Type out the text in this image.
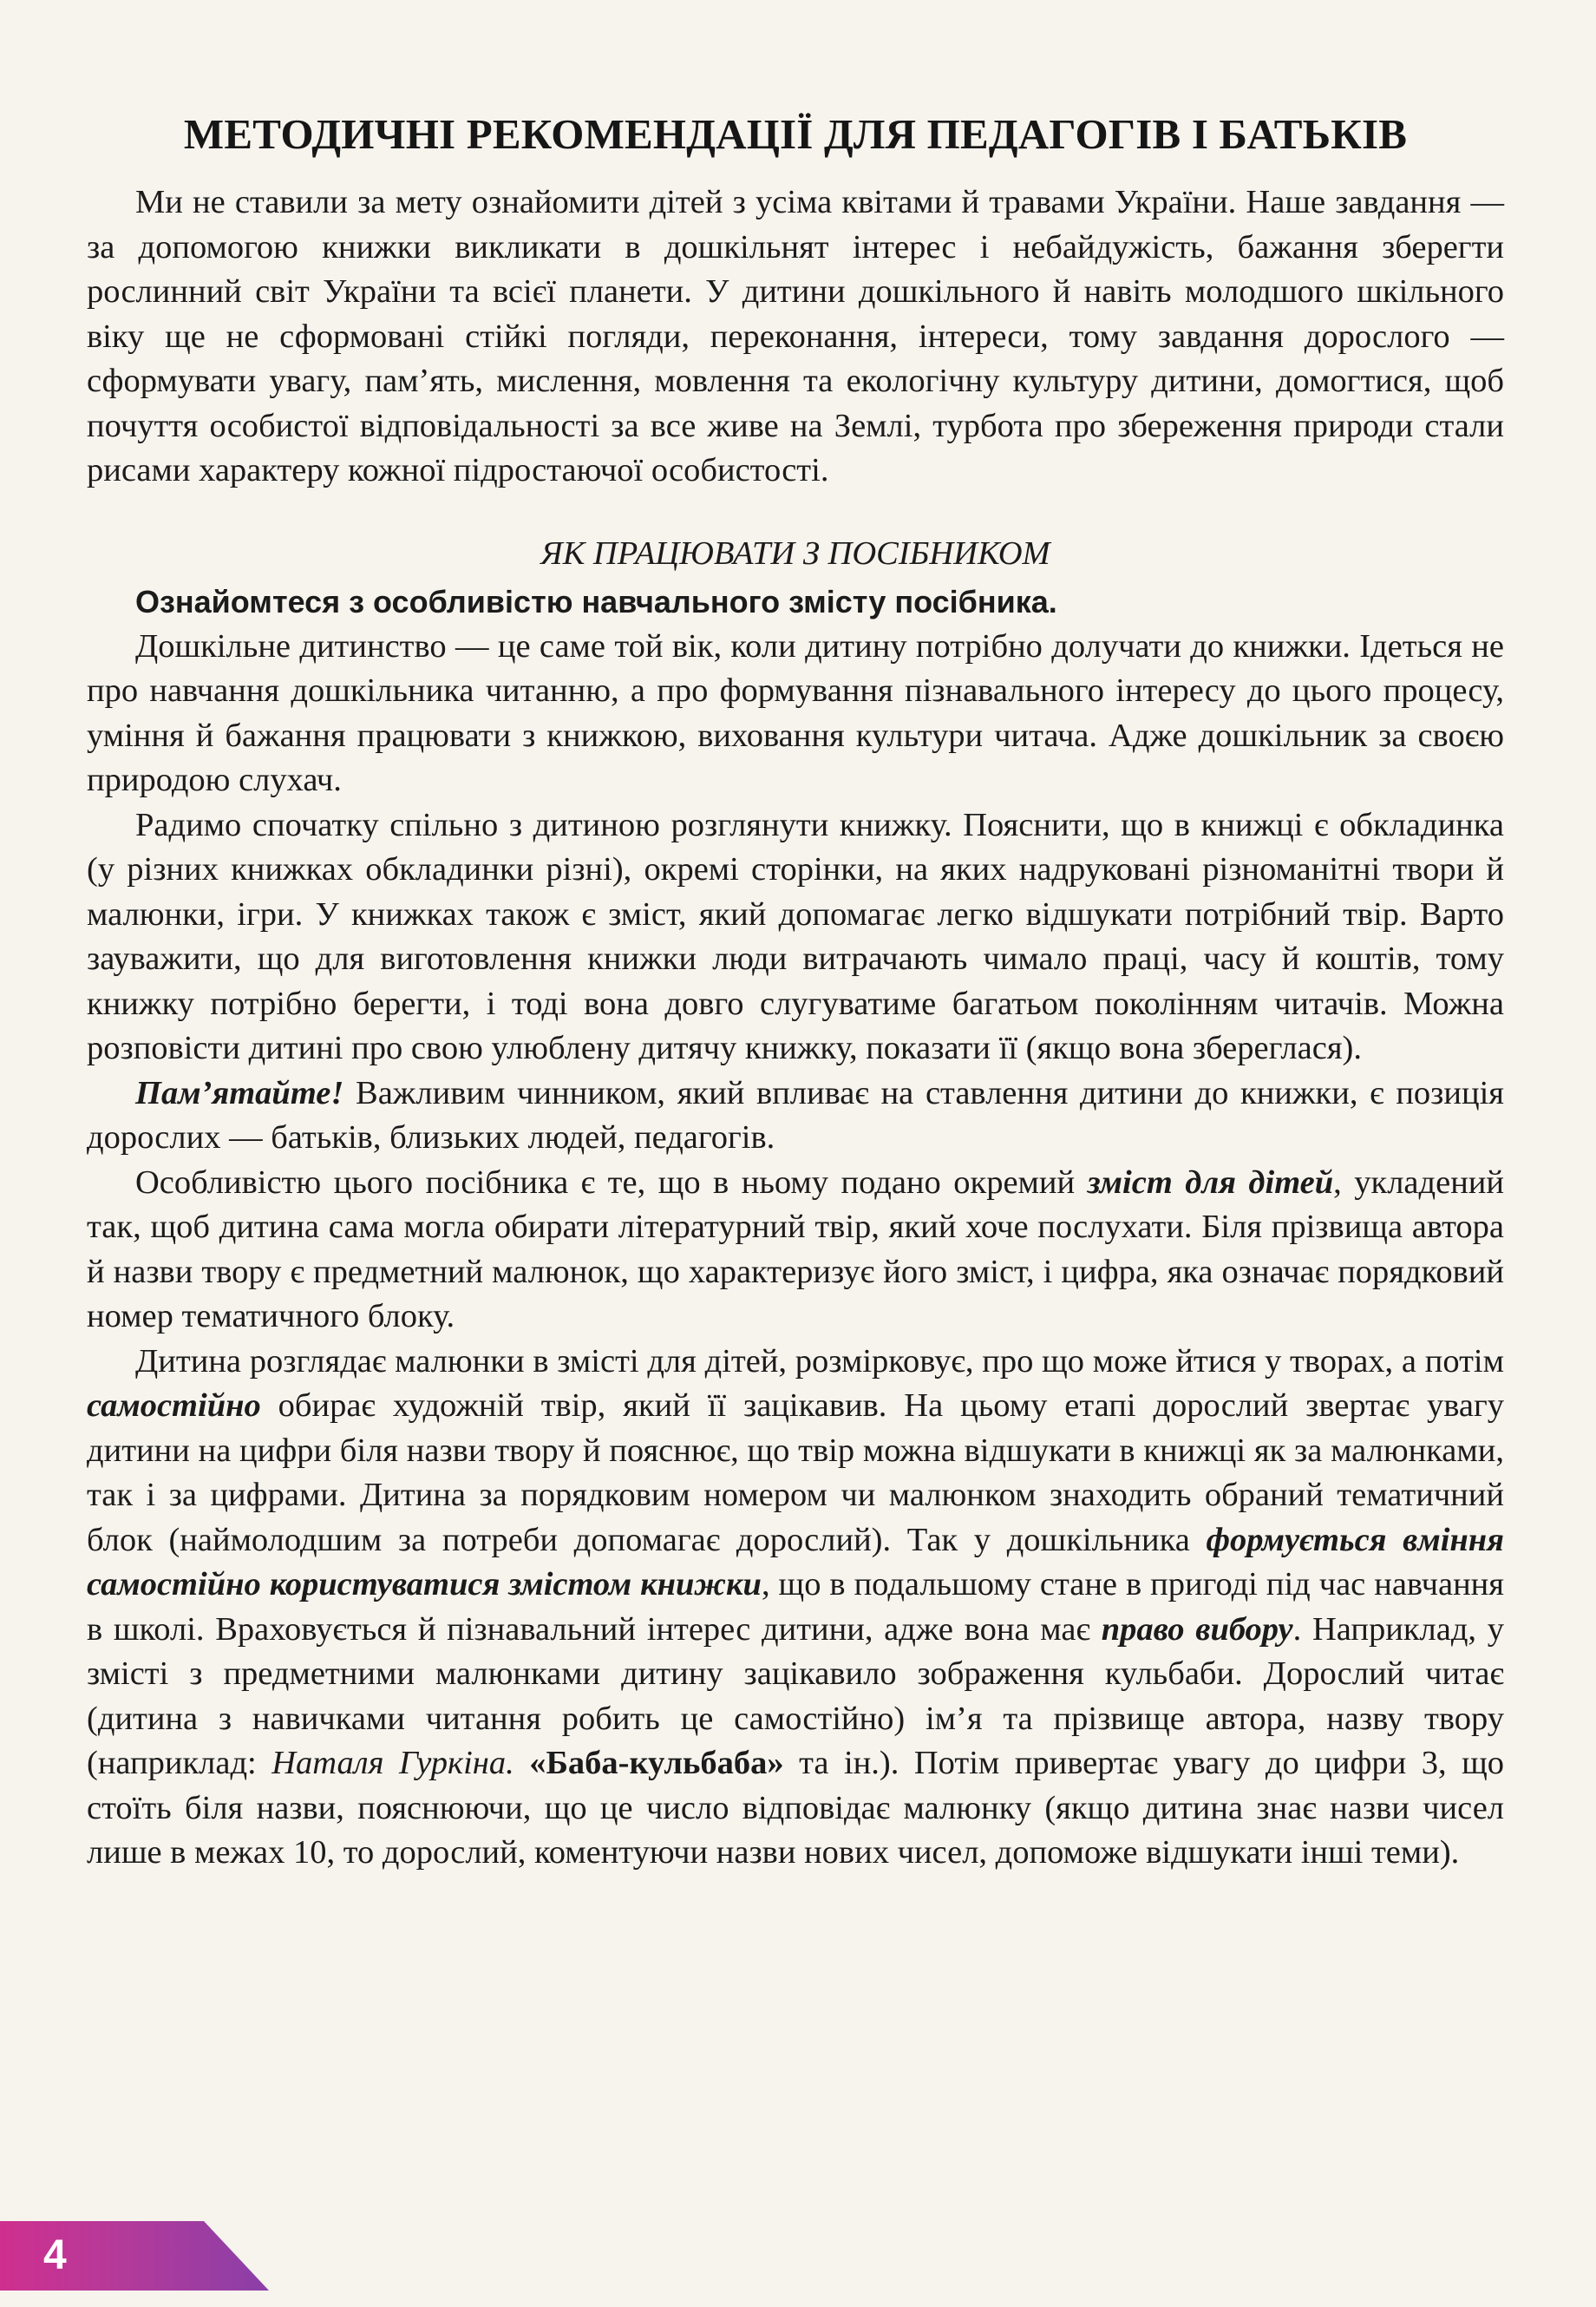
МЕТОДИЧНІ РЕКОМЕНДАЦІЇ ДЛЯ ПЕДАГОГІВ І БАТЬКІВ

Ми не ставили за мету ознайомити дітей з усіма квітами й травами України. Наше завдання — за допомогою книжки викликати в дошкільнят інтерес і небайдужість, бажання зберегти рослинний світ України та всієї планети. У дитини дошкільного й навіть молодшого шкільного віку ще не сформовані стійкі погляди, переконання, інтереси, тому завдання дорослого — сформувати увагу, пам’ять, мислення, мовлення та екологічну культуру дитини, домогтися, щоб почуття особистої відповідальності за все живе на Землі, турбота про збереження природи стали рисами характеру кожної підростаючої особистості.

ЯК ПРАЦЮВАТИ З ПОСІБНИКОМ

Ознайомтеся з особливістю навчального змісту посібника.

Дошкільне дитинство — це саме той вік, коли дитину потрібно долучати до книжки. Ідеться не про навчання дошкільника читанню, а про формування пізнавального інтересу до цього процесу, уміння й бажання працювати з книжкою, виховання культури читача. Адже дошкільник за своєю природою слухач.

Радимо спочатку спільно з дитиною розглянути книжку. Пояснити, що в книжці є обкладинка (у різних книжках обкладинки різні), окремі сторінки, на яких надруковані різноманітні твори й малюнки, ігри. У книжках також є зміст, який допомагає легко відшукати потрібний твір. Варто зауважити, що для виготовлення книжки люди витрачають чимало праці, часу й коштів, тому книжку потрібно берегти, і тоді вона довго слугуватиме багатьом поколінням читачів. Можна розповісти дитині про свою улюблену дитячу книжку, показати її (якщо вона збереглася).

Пам’ятайте! Важливим чинником, який впливає на ставлення дитини до книжки, є позиція дорослих — батьків, близьких людей, педагогів.

Особливістю цього посібника є те, що в ньому подано окремий зміст для дітей, укладений так, щоб дитина сама могла обирати літературний твір, який хоче послухати. Біля прізвища автора й назви твору є предметний малюнок, що характеризує його зміст, і цифра, яка означає порядковий номер тематичного блоку.

Дитина розглядає малюнки в змісті для дітей, розмірковує, про що може йтися у творах, а потім самостійно обирає художній твір, який її зацікавив. На цьому етапі дорослий звертає увагу дитини на цифри біля назви твору й пояснює, що твір можна відшукати в книжці як за малюнками, так і за цифрами. Дитина за порядковим номером чи малюнком знаходить обраний тематичний блок (наймолодшим за потреби допомагає дорослий). Так у дошкільника формується вміння самостійно користуватися змістом книжки, що в подальшому стане в пригоді під час навчання в школі. Враховується й пізнавальний інтерес дитини, адже вона має право вибору. Наприклад, у змісті з предметними малюнками дитину зацікавило зображення кульбаби. Дорослий читає (дитина з навичками читання робить це самостійно) ім’я та прізвище автора, назву твору (наприклад: Наталя Гуркіна. «Баба-кульбаба» та ін.). Потім привертає увагу до цифри 3, що стоїть біля назви, пояснюючи, що це число відповідає малюнку (якщо дитина знає назви чисел лише в межах 10, то дорослий, коментуючи назви нових чисел, допоможе відшукати інші теми).

4
